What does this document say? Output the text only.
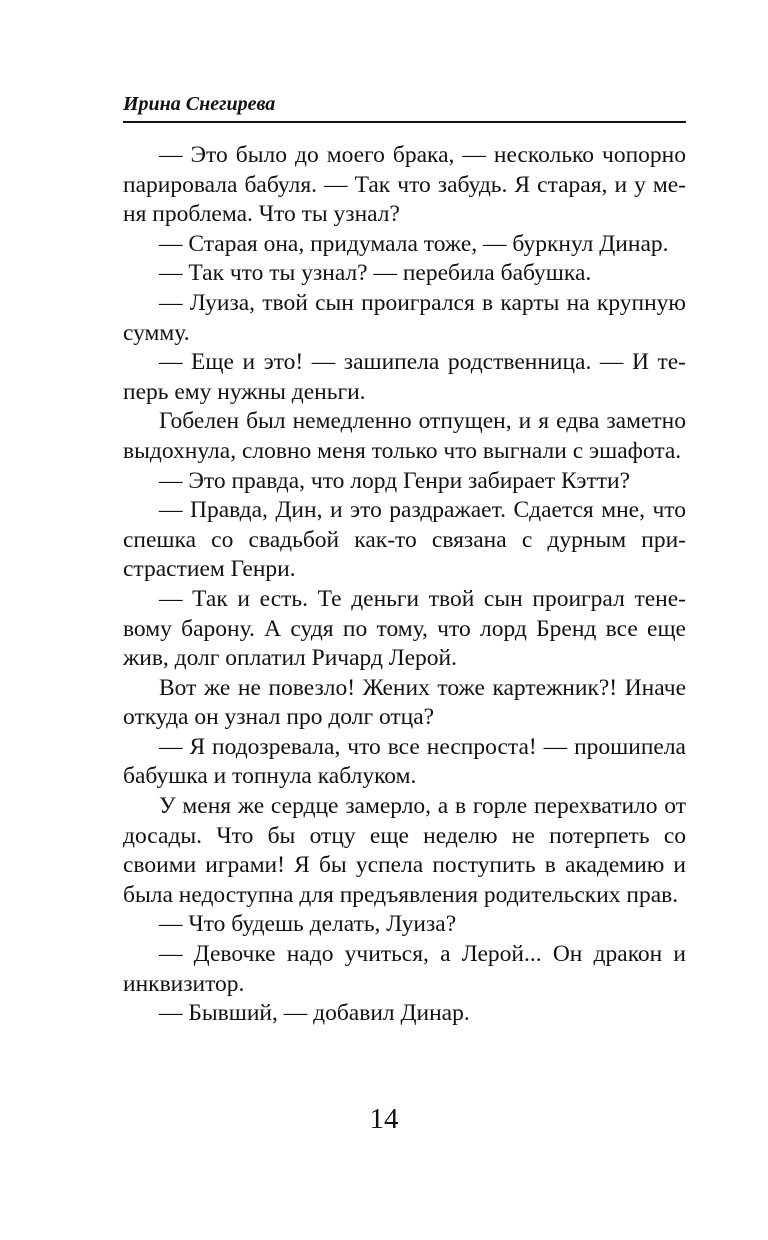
Ирина Снегирева

— Это было до моего брака, — несколько чопорно парировала бабуля. — Так что забудь. Я старая, и у меня проблема. Что ты узнал?

— Старая она, придумала тоже, — буркнул Динар.

— Так что ты узнал? — перебила бабушка.

— Луиза, твой сын проигрался в карты на крупную сумму.

— Еще и это! — зашипела родственница. — И теперь ему нужны деньги.

Гобелен был немедленно отпущен, и я едва заметно выдохнула, словно меня только что выгнали с эшафота.

— Это правда, что лорд Генри забирает Кэтти?

— Правда, Дин, и это раздражает. Сдается мне, что спешка со свадьбой как-то связана с дурным пристрастием Генри.

— Так и есть. Те деньги твой сын проиграл теневому барону. А судя по тому, что лорд Бренд все еще жив, долг оплатил Ричард Лерой.

Вот же не повезло! Жених тоже картежник?! Иначе откуда он узнал про долг отца?

— Я подозревала, что все неспроста! — прошипела бабушка и топнула каблуком.

У меня же сердце замерло, а в горле перехватило от досады. Что бы отцу еще неделю не потерпеть со своими играми! Я бы успела поступить в академию и была недоступна для предъявления родительских прав.

— Что будешь делать, Луиза?

— Девочке надо учиться, а Лерой... Он дракон и инквизитор.

— Бывший, — добавил Динар.

14
